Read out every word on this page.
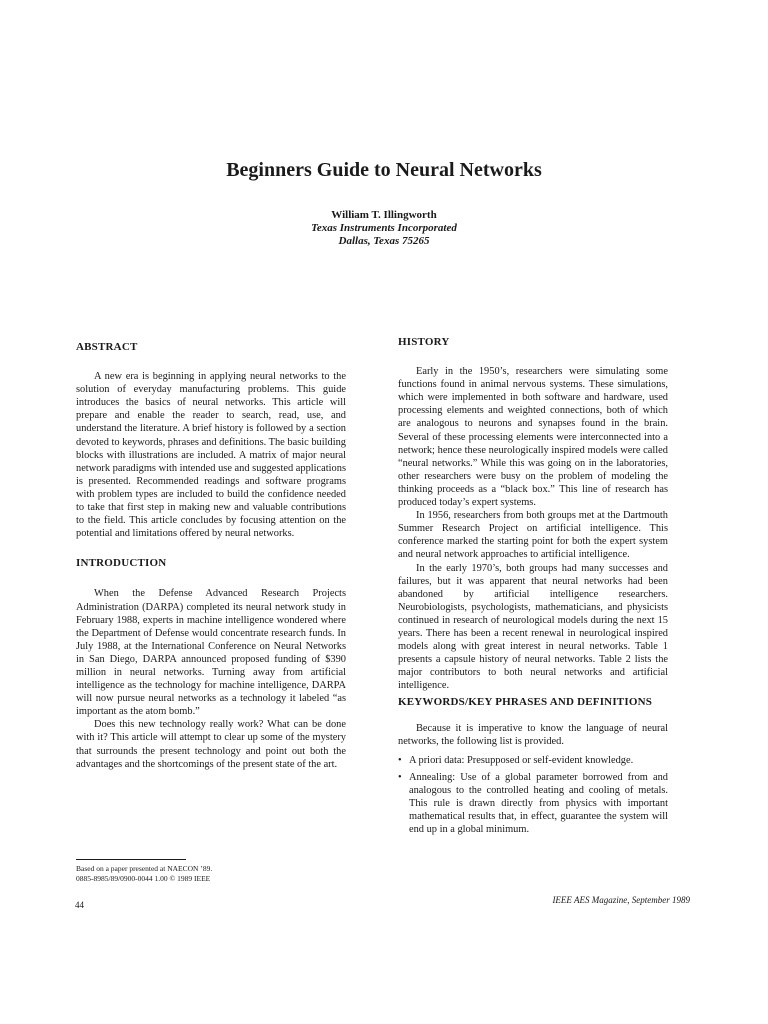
Beginners Guide to Neural Networks
William T. Illingworth
Texas Instruments Incorporated
Dallas, Texas 75265
ABSTRACT

A new era is beginning in applying neural networks to the solution of everyday manufacturing problems. This guide introduces the basics of neural networks. This article will prepare and enable the reader to search, read, use, and understand the literature. A brief history is followed by a section devoted to keywords, phrases and definitions. The basic building blocks with illustrations are included. A matrix of major neural network paradigms with intended use and suggested applications is presented. Recommended readings and software programs with problem types are included to build the confidence needed to take that first step in making new and valuable contributions to the field. This article concludes by focusing attention on the potential and limitations offered by neural networks.

INTRODUCTION

When the Defense Advanced Research Projects Administration (DARPA) completed its neural network study in February 1988, experts in machine intelligence wondered where the Department of Defense would concentrate research funds. In July 1988, at the International Conference on Neural Networks in San Diego, DARPA announced proposed funding of $390 million in neural networks. Turning away from artificial intelligence as the technology for machine intelligence, DARPA will now pursue neural networks as a technology it labeled “as important as the atom bomb.”

Does this new technology really work? What can be done with it? This article will attempt to clear up some of the mystery that surrounds the present technology and point out both the advantages and the shortcomings of the present state of the art.

HISTORY

Early in the 1950’s, researchers were simulating some functions found in animal nervous systems. These simulations, which were implemented in both software and hardware, used processing elements and weighted connections, both of which are analogous to neurons and synapses found in the brain. Several of these processing elements were interconnected into a network; hence these neurologically inspired models were called “neural networks.” While this was going on in the laboratories, other researchers were busy on the problem of modeling the thinking proceeds as a “black box.” This line of research has produced today’s expert systems.

In 1956, researchers from both groups met at the Dartmouth Summer Research Project on artificial intelligence. This conference marked the starting point for both the expert system and neural network approaches to artificial intelligence.

In the early 1970’s, both groups had many successes and failures, but it was apparent that neural networks had been abandoned by artificial intelligence researchers. Neurobiologists, psychologists, mathematicians, and physicists continued in research of neurological models during the next 15 years. There has been a recent renewal in neurological inspired models along with great interest in neural networks. Table 1 presents a capsule history of neural networks. Table 2 lists the major contributors to both neural networks and artificial intelligence.

KEYWORDS/KEY PHRASES AND DEFINITIONS

Because it is imperative to know the language of neural networks, the following list is provided.

• A priori data: Presupposed or self-evident knowledge.
• Annealing: Use of a global parameter borrowed from and analogous to the controlled heating and cooling of metals. This rule is drawn directly from physics with important mathematical results that, in effect, guarantee the system will end up in a global minimum.
Based on a paper presented at NAECON ’89.
0885-8985/89/0900-0044 1.00 © 1989 IEEE
44	IEEE AES Magazine, September 1989
